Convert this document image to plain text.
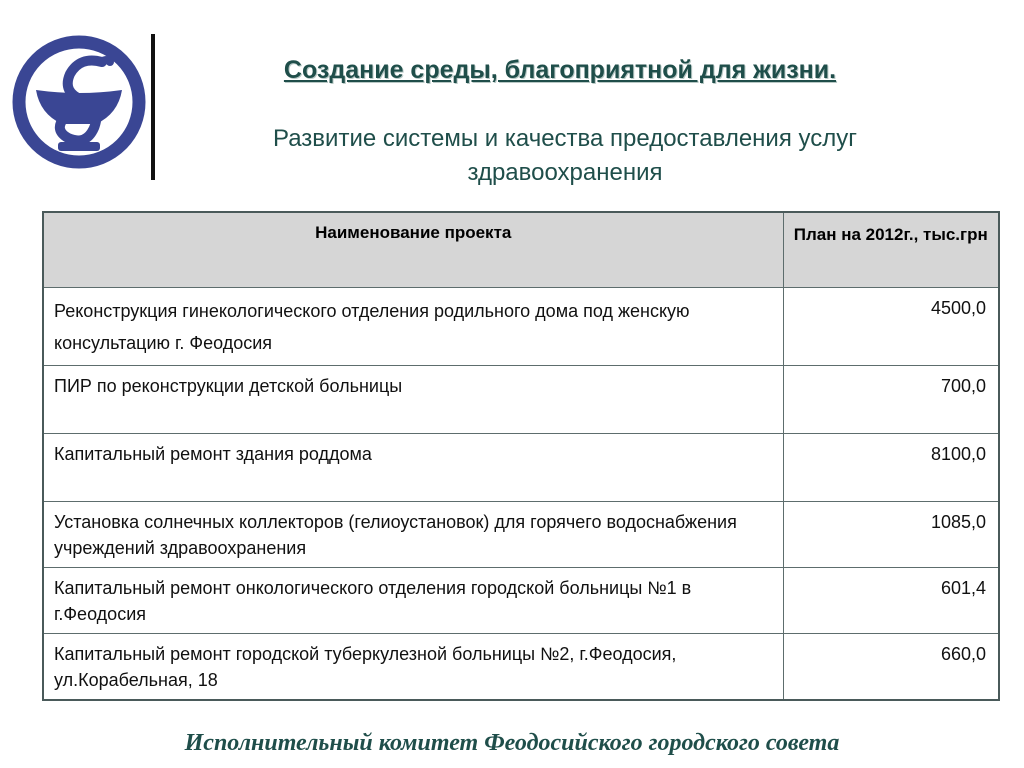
Создание среды, благоприятной для жизни.
Развитие системы и качества предоставления услуг здравоохранения
Наименование проекта	План на 2012г., тыс.грн
Реконструкция гинекологического отделения родильного дома под женскую консультацию г. Феодосия	4500,0
ПИР по реконструкции детской больницы	700,0
Капитальный ремонт здания роддома	8100,0
Установка солнечных коллекторов (гелиоустановок) для горячего водоснабжения учреждений здравоохранения	1085,0
Капитальный ремонт онкологического отделения городской больницы №1 в г.Феодосия	601,4
Капитальный ремонт городской туберкулезной больницы №2, г.Феодосия, ул.Корабельная, 18	660,0
Исполнительный комитет Феодосийского городского совета
